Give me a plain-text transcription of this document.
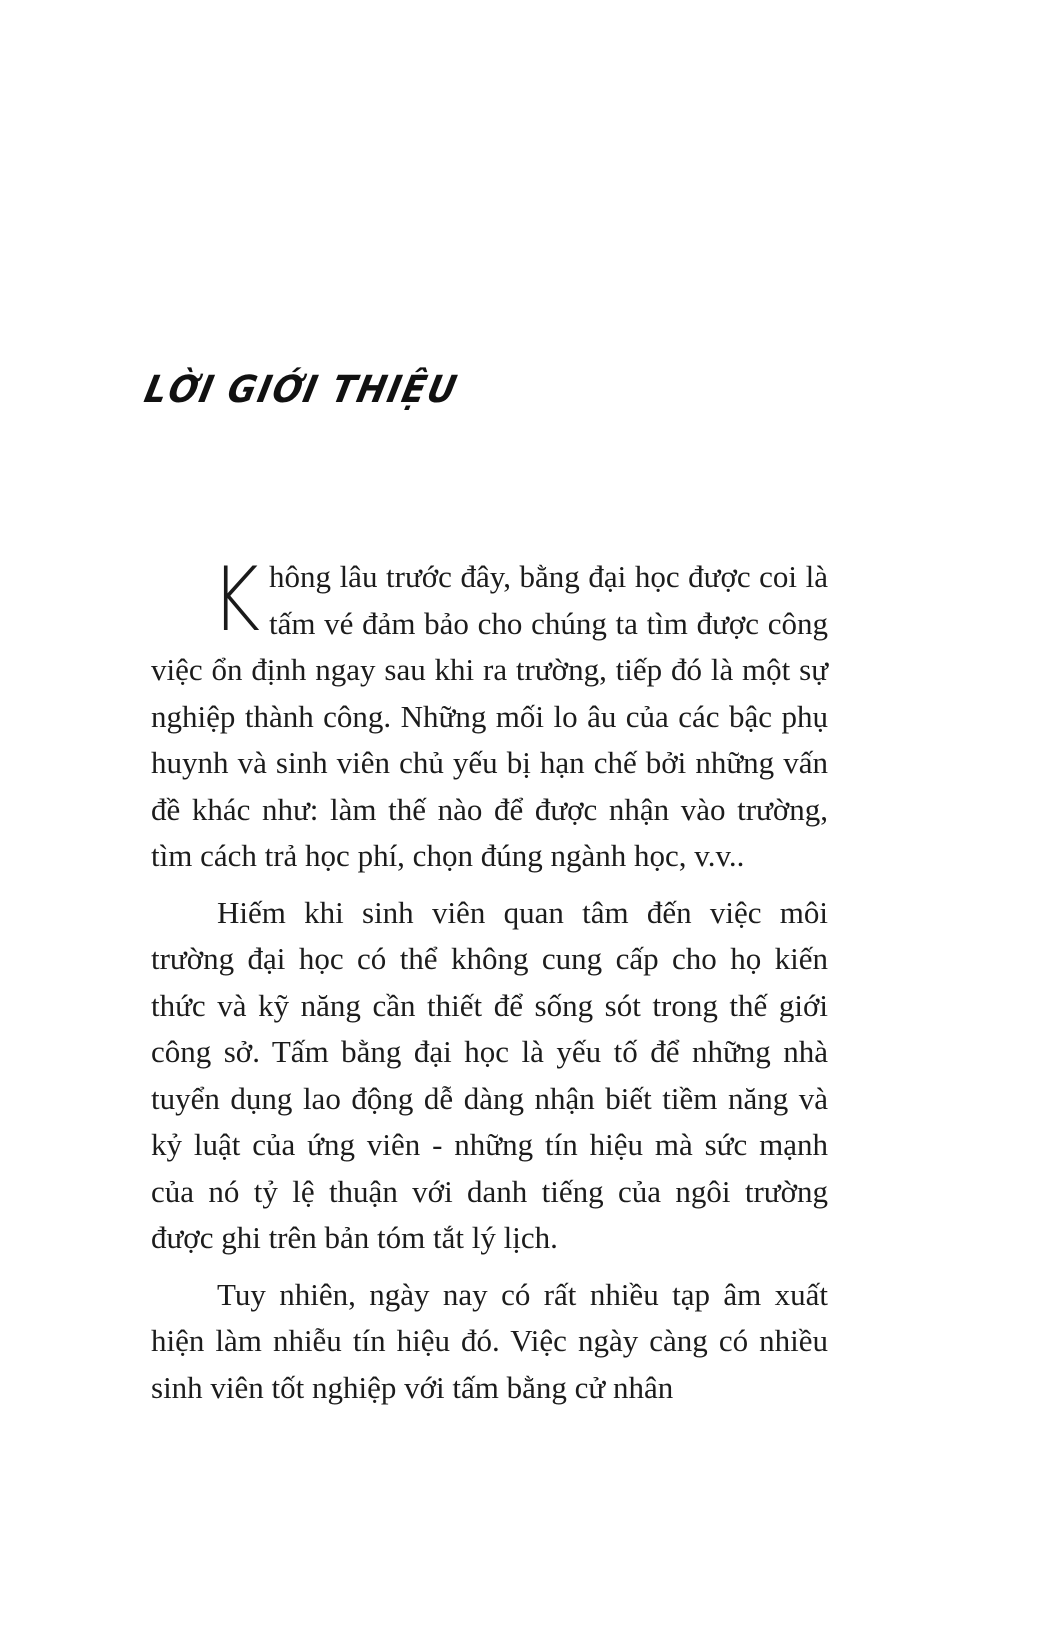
LỜI GIỚI THIỆU

K hông lâu trước đây, bằng đại học được coi là tấm vé đảm bảo cho chúng ta tìm được công việc ổn định ngay sau khi ra trường, tiếp đó là một sự nghiệp thành công. Những mối lo âu của các bậc phụ huynh và sinh viên chủ yếu bị hạn chế bởi những vấn đề khác như: làm thế nào để được nhận vào trường, tìm cách trả học phí, chọn đúng ngành học, v.v..

Hiếm khi sinh viên quan tâm đến việc môi trường đại học có thể không cung cấp cho họ kiến thức và kỹ năng cần thiết để sống sót trong thế giới công sở. Tấm bằng đại học là yếu tố để những nhà tuyển dụng lao động dễ dàng nhận biết tiềm năng và kỷ luật của ứng viên - những tín hiệu mà sức mạnh của nó tỷ lệ thuận với danh tiếng của ngôi trường được ghi trên bản tóm tắt lý lịch.

Tuy nhiên, ngày nay có rất nhiều tạp âm xuất hiện làm nhiễu tín hiệu đó. Việc ngày càng có nhiều sinh viên tốt nghiệp với tấm bằng cử nhân
